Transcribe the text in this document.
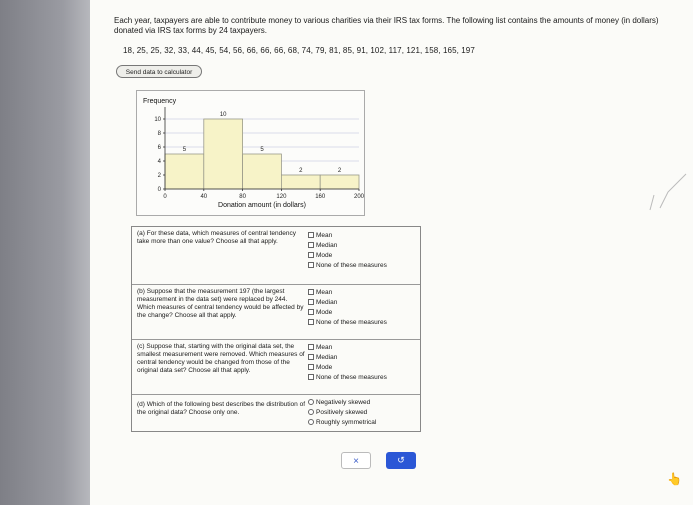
Each year, taxpayers are able to contribute money to various charities via their IRS tax forms. The following list contains the amounts of money (in dollars)
donated via IRS tax forms by 24 taxpayers.
18, 25, 25, 32, 33, 44, 45, 54, 56, 66, 66, 66, 68, 74, 79, 81, 85, 91, 102, 117, 121, 158, 165, 197
Send data to calculator
5
10
5
2	2
0
2
4
6
8
10
0	40	80	120	160	200
Frequency
Donation amount (in dollars)
(a) For these data, which measures of central tendency take more than one value? Choose all that apply.
Mean
Median
Mode
None of these measures
(b) Suppose that the measurement 197 (the largest measurement in the data set) were replaced by 244. Which measures of central tendency would be affected by the change? Choose all that apply.
Mean
Median
Mode
None of these measures
(c) Suppose that, starting with the original data set, the smallest measurement were removed. Which measures of central tendency would be changed from those of the original data set? Choose all that apply.
Mean
Median
Mode
None of these measures
(d) Which of the following best describes the distribution of the original data? Choose only one.
Negatively skewed
Positively skewed
Roughly symmetrical
×	↺
👆
